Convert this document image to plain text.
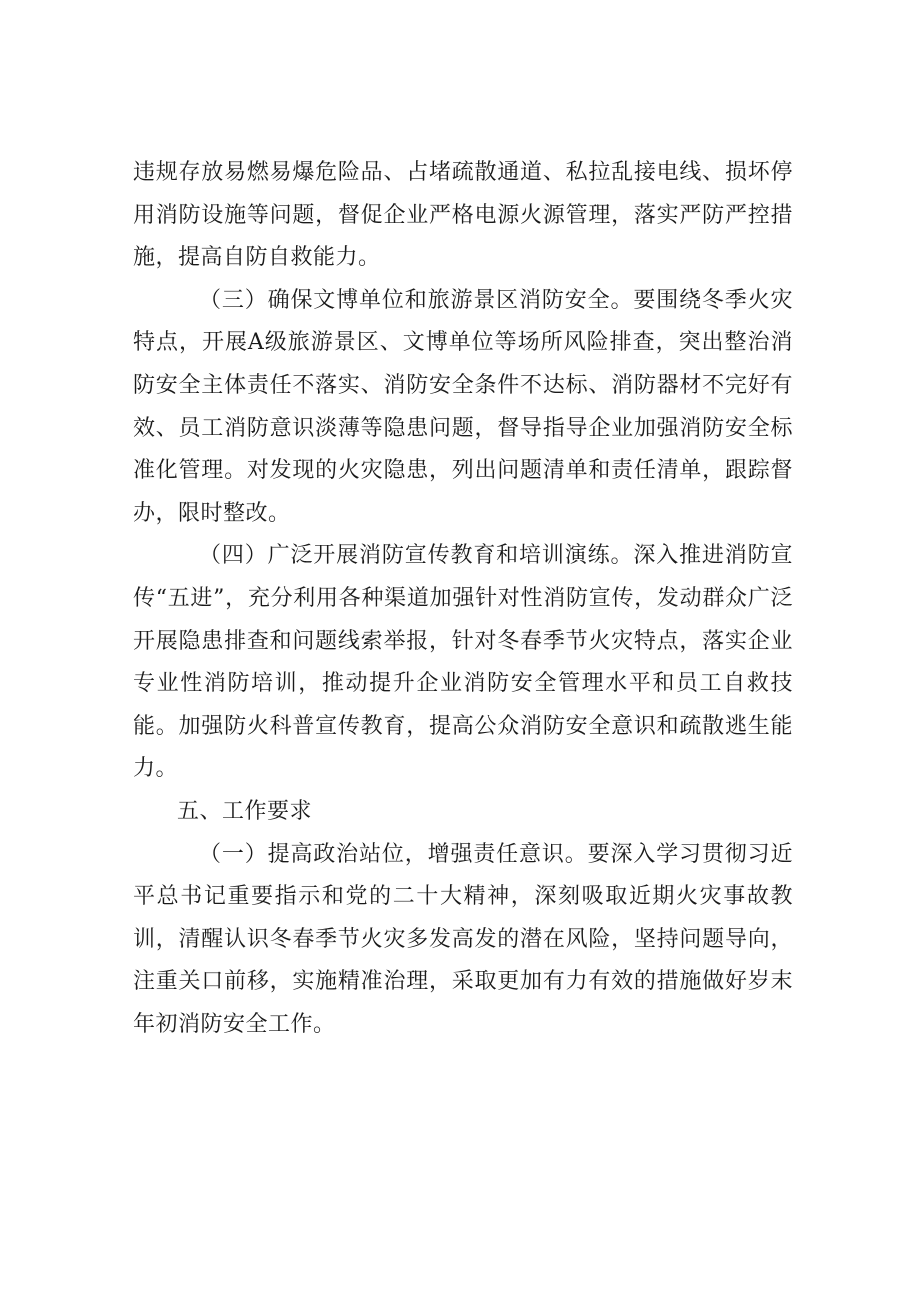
违规存放易燃易爆危险品、占堵疏散通道、私拉乱接电线、损坏停用消防设施等问题，督促企业严格电源火源管理，落实严防严控措施，提高自防自救能力。

（三）确保文博单位和旅游景区消防安全。要围绕冬季火灾特点，开展A级旅游景区、文博单位等场所风险排查，突出整治消防安全主体责任不落实、消防安全条件不达标、消防器材不完好有效、员工消防意识淡薄等隐患问题，督导指导企业加强消防安全标准化管理。对发现的火灾隐患，列出问题清单和责任清单，跟踪督办，限时整改。

（四）广泛开展消防宣传教育和培训演练。深入推进消防宣传“五进”，充分利用各种渠道加强针对性消防宣传，发动群众广泛开展隐患排查和问题线索举报，针对冬春季节火灾特点，落实企业专业性消防培训，推动提升企业消防安全管理水平和员工自救技能。加强防火科普宣传教育，提高公众消防安全意识和疏散逃生能力。

五、工作要求

（一）提高政治站位，增强责任意识。要深入学习贯彻习近平总书记重要指示和党的二十大精神，深刻吸取近期火灾事故教训，清醒认识冬春季节火灾多发高发的潜在风险，坚持问题导向，注重关口前移，实施精准治理，采取更加有力有效的措施做好岁末年初消防安全工作。
